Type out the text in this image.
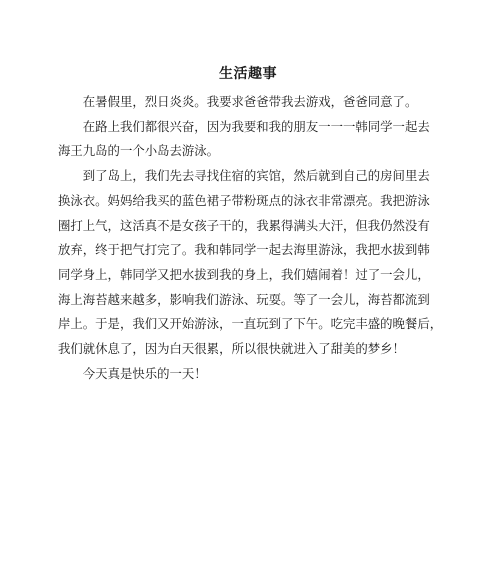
生活趣事

在暑假里，烈日炎炎。我要求爸爸带我去游戏，爸爸同意了。

在路上我们都很兴奋，因为我要和我的朋友一一一韩同学一起去
海王九岛的一个小岛去游泳。

到了岛上，我们先去寻找住宿的宾馆，然后就到自己的房间里去
换泳衣。妈妈给我买的蓝色裙子带粉斑点的泳衣非常漂亮。我把游泳
圈打上气，这活真不是女孩子干的，我累得满头大汗，但我仍然没有
放弃，终于把气打完了。我和韩同学一起去海里游泳，我把水拔到韩
同学身上，韩同学又把水拔到我的身上，我们嬉闹着！过了一会儿，
海上海苔越来越多，影响我们游泳、玩耍。等了一会儿，海苔都流到
岸上。于是，我们又开始游泳，一直玩到了下午。吃完丰盛的晚餐后，
我们就休息了，因为白天很累，所以很快就进入了甜美的梦乡！

今天真是快乐的一天！
